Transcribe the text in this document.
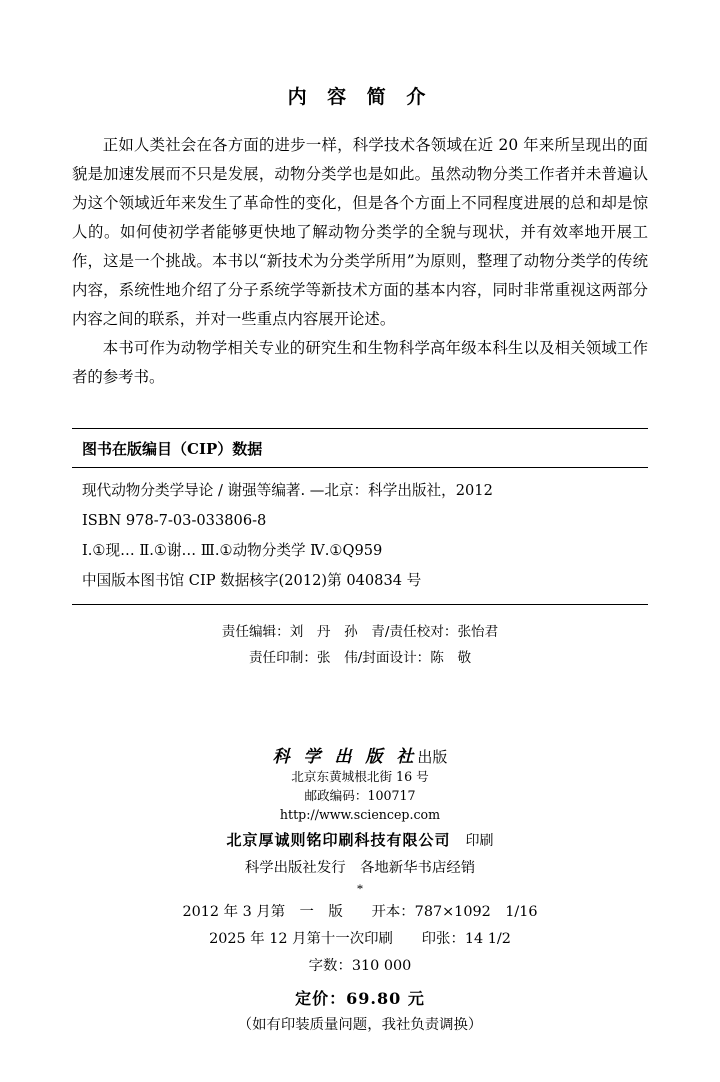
内 容 简 介

正如人类社会在各方面的进步一样，科学技术各领域在近 20 年来所呈现出的面貌是加速发展而不只是发展，动物分类学也是如此。虽然动物分类工作者并未普遍认为这个领域近年来发生了革命性的变化，但是各个方面上不同程度进展的总和却是惊人的。如何使初学者能够更快地了解动物分类学的全貌与现状，并有效率地开展工作，这是一个挑战。本书以“新技术为分类学所用”为原则，整理了动物分类学的传统内容，系统性地介绍了分子系统学等新技术方面的基本内容，同时非常重视这两部分内容之间的联系，并对一些重点内容展开论述。

本书可作为动物学相关专业的研究生和生物科学高年级本科生以及相关领域工作者的参考书。

图书在版编目（CIP）数据
现代动物分类学导论 / 谢强等编著. —北京：科学出版社，2012
ISBN 978-7-03-033806-8
Ⅰ.①现… Ⅱ.①谢… Ⅲ.①动物分类学 Ⅳ.①Q959
中国版本图书馆 CIP 数据核字(2012)第 040834 号
责任编辑：刘　丹　孙　青/责任校对：张怡君
责任印制：张　伟/封面设计：陈　敬
科 学 出 版 社出版
北京东黄城根北街 16 号
邮政编码：100717
http://www.sciencep.com
北京厚诚则铭印刷科技有限公司 印刷
科学出版社发行　各地新华书店经销
*
2012 年 3 月第　一　版　　开本：787×1092　1/16
2025 年 12 月第十一次印刷　　印张：14 1/2
字数：310 000
定价：69.80 元
（如有印装质量问题，我社负责调换）
